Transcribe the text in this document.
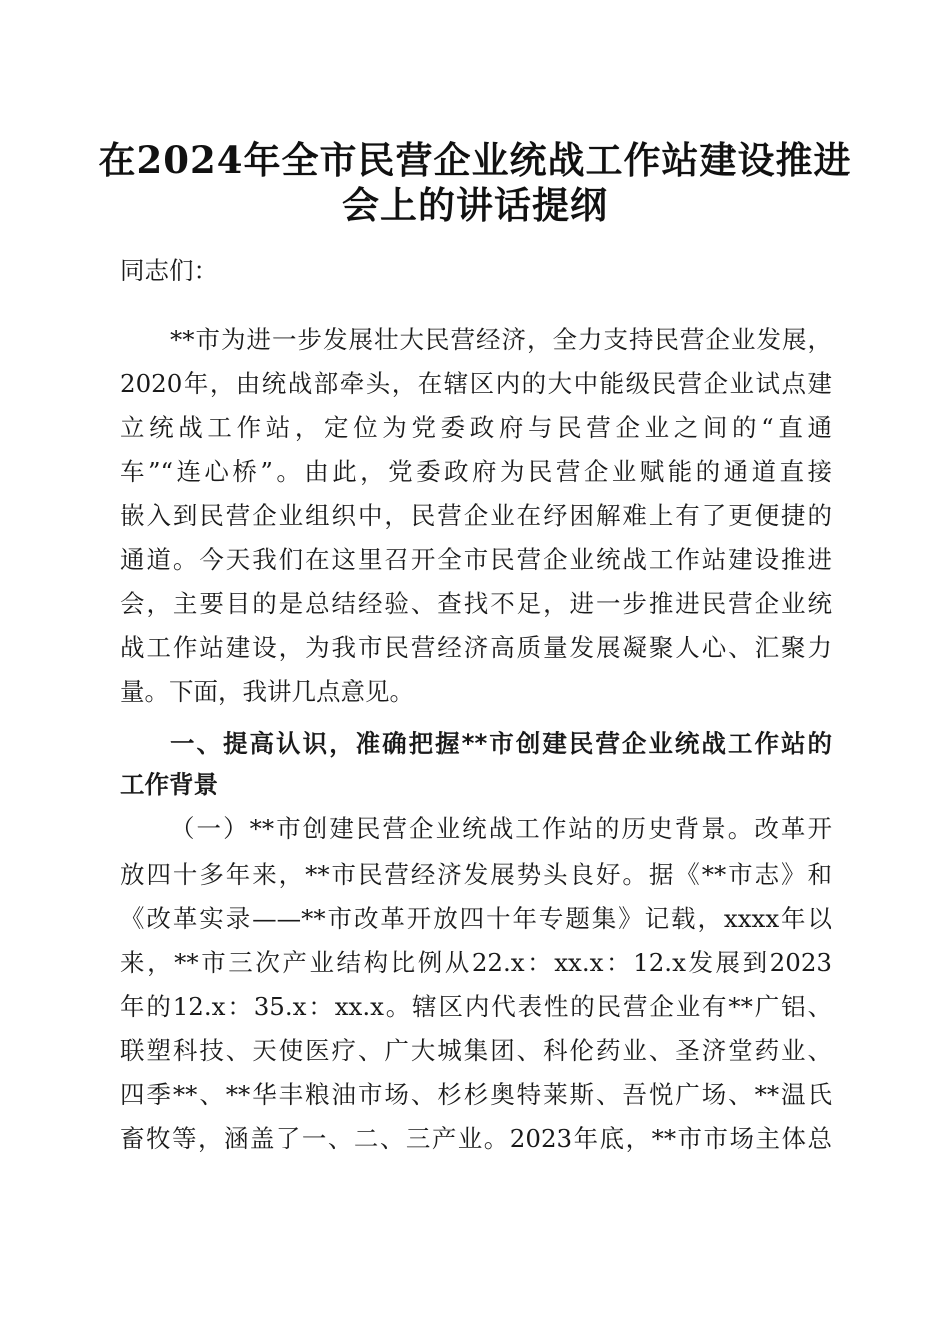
在2024年全市民营企业统战工作站建设推进
会上的讲话提纲
同志们：
**市为进一步发展壮大民营经济，全力支持民营企业发展，
2020年，由统战部牵头，在辖区内的大中能级民营企业试点建
立统战工作站，定位为党委政府与民营企业之间的“直通
车”“连心桥”。由此，党委政府为民营企业赋能的通道直接
嵌入到民营企业组织中，民营企业在纾困解难上有了更便捷的
通道。今天我们在这里召开全市民营企业统战工作站建设推进
会，主要目的是总结经验、查找不足，进一步推进民营企业统
战工作站建设，为我市民营经济高质量发展凝聚人心、汇聚力
量。下面，我讲几点意见。
一、提高认识，准确把握**市创建民营企业统战工作站的
工作背景
（一）**市创建民营企业统战工作站的历史背景。改革开
放四十多年来，**市民营经济发展势头良好。据《**市志》和
《改革实录——**市改革开放四十年专题集》记载，xxxx年以
来，**市三次产业结构比例从22.x：xx.x：12.x发展到2023
年的12.x：35.x：xx.x。辖区内代表性的民营企业有**广铝、
联塑科技、天使医疗、广大城集团、科伦药业、圣济堂药业、
四季**、**华丰粮油市场、杉杉奥特莱斯、吾悦广场、**温氏
畜牧等，涵盖了一、二、三产业。2023年底，**市市场主体总
